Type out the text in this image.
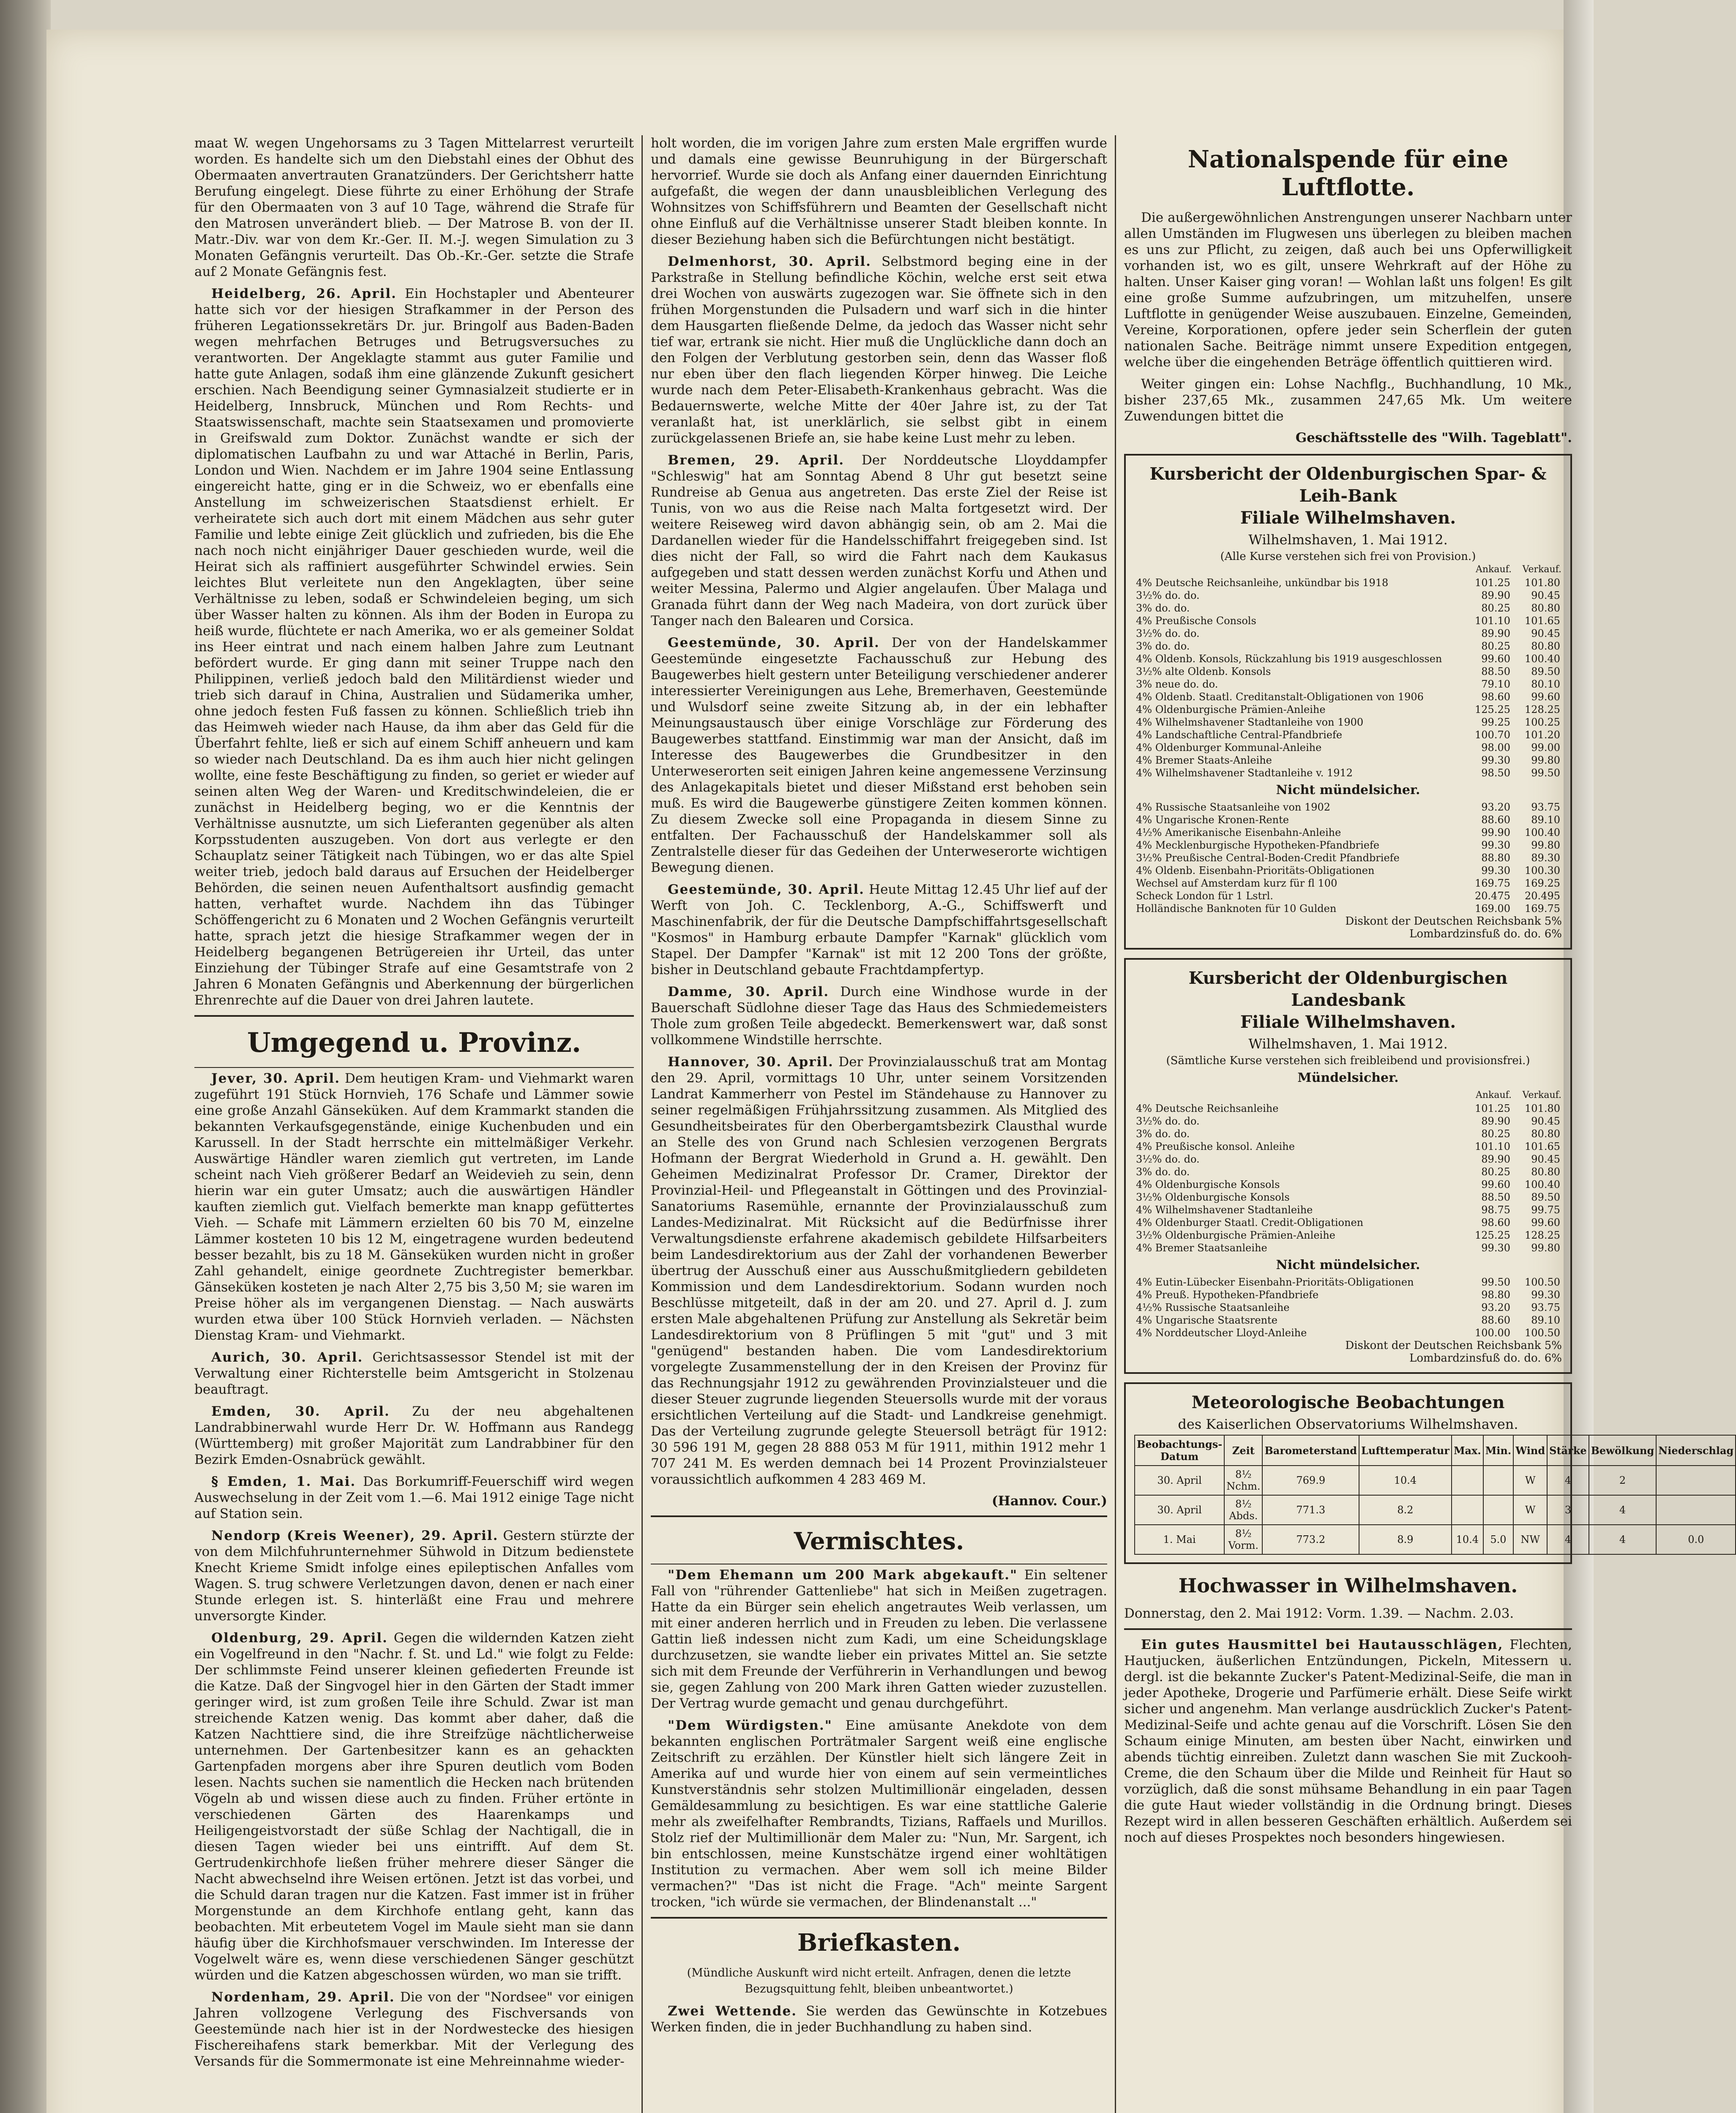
maat W. wegen Ungehorsams zu 3 Tagen Mittelarrest verurteilt worden. Es handelte sich um den Diebstahl eines der Obhut des Obermaaten anvertrauten Granatzünders. Der Gerichtsherr hatte Berufung eingelegt. Diese führte zu einer Erhöhung der Strafe für den Obermaaten von 3 auf 10 Tage, während die Strafe für den Matrosen unverändert blieb. — Der Matrose B. von der II. Matr.-Div. war von dem Kr.-Ger. II. M.-J. wegen Simulation zu 3 Monaten Gefängnis verurteilt. Das Ob.-Kr.-Ger. setzte die Strafe auf 2 Monate Gefängnis fest.

Heidelberg, 26. April. Ein Hochstapler und Abenteurer hatte sich vor der hiesigen Strafkammer in der Person des früheren Legationssekretärs Dr. jur. Bringolf aus Baden-Baden wegen mehrfachen Betruges und Betrugsversuches zu verantworten. Der Angeklagte stammt aus guter Familie und hatte gute Anlagen, sodaß ihm eine glänzende Zukunft gesichert erschien. Nach Beendigung seiner Gymnasialzeit studierte er in Heidelberg, Innsbruck, München und Rom Rechts- und Staatswissenschaft, machte sein Staatsexamen und promovierte in Greifswald zum Doktor. Zunächst wandte er sich der diplomatischen Laufbahn zu und war Attaché in Berlin, Paris, London und Wien. Nachdem er im Jahre 1904 seine Entlassung eingereicht hatte, ging er in die Schweiz, wo er ebenfalls eine Anstellung im schweizerischen Staatsdienst erhielt. Er verheiratete sich auch dort mit einem Mädchen aus sehr guter Familie und lebte einige Zeit glücklich und zufrieden, bis die Ehe nach noch nicht einjähriger Dauer geschieden wurde, weil die Heirat sich als raffiniert ausgeführter Schwindel erwies. Sein leichtes Blut verleitete nun den Angeklagten, über seine Verhältnisse zu leben, sodaß er Schwindeleien beging, um sich über Wasser halten zu können. Als ihm der Boden in Europa zu heiß wurde, flüchtete er nach Amerika, wo er als gemeiner Soldat ins Heer eintrat und nach einem halben Jahre zum Leutnant befördert wurde. Er ging dann mit seiner Truppe nach den Philippinen, verließ jedoch bald den Militärdienst wieder und trieb sich darauf in China, Australien und Südamerika umher, ohne jedoch festen Fuß fassen zu können. Schließlich trieb ihn das Heimweh wieder nach Hause, da ihm aber das Geld für die Überfahrt fehlte, ließ er sich auf einem Schiff anheuern und kam so wieder nach Deutschland. Da es ihm auch hier nicht gelingen wollte, eine feste Beschäftigung zu finden, so geriet er wieder auf seinen alten Weg der Waren- und Kreditschwindeleien, die er zunächst in Heidelberg beging, wo er die Kenntnis der Verhältnisse ausnutzte, um sich Lieferanten gegenüber als alten Korpsstudenten auszugeben. Von dort aus verlegte er den Schauplatz seiner Tätigkeit nach Tübingen, wo er das alte Spiel weiter trieb, jedoch bald daraus auf Ersuchen der Heidelberger Behörden, die seinen neuen Aufenthaltsort ausfindig gemacht hatten, verhaftet wurde. Nachdem ihn das Tübinger Schöffengericht zu 6 Monaten und 2 Wochen Gefängnis verurteilt hatte, sprach jetzt die hiesige Strafkammer wegen der in Heidelberg begangenen Betrügereien ihr Urteil, das unter Einziehung der Tübinger Strafe auf eine Gesamtstrafe von 2 Jahren 6 Monaten Gefängnis und Aberkennung der bürgerlichen Ehrenrechte auf die Dauer von drei Jahren lautete.

Umgegend u. Provinz.

Jever, 30. April. Dem heutigen Kram- und Viehmarkt waren zugeführt 191 Stück Hornvieh, 176 Schafe und Lämmer sowie eine große Anzahl Gänseküken. Auf dem Krammarkt standen die bekannten Verkaufsgegenstände, einige Kuchenbuden und ein Karussell. In der Stadt herrschte ein mittelmäßiger Verkehr. Auswärtige Händler waren ziemlich gut vertreten, im Lande scheint nach Vieh größerer Bedarf an Weidevieh zu sein, denn hierin war ein guter Umsatz; auch die auswärtigen Händler kauften ziemlich gut. Vielfach bemerkte man knapp gefüttertes Vieh. — Schafe mit Lämmern erzielten 60 bis 70 M, einzelne Lämmer kosteten 10 bis 12 M, eingetragene wurden bedeutend besser bezahlt, bis zu 18 M. Gänseküken wurden nicht in großer Zahl gehandelt, einige geordnete Zuchtregister bemerkbar. Gänseküken kosteten je nach Alter 2,75 bis 3,50 M; sie waren im Preise höher als im vergangenen Dienstag. — Nach auswärts wurden etwa über 100 Stück Hornvieh verladen. — Nächsten Dienstag Kram- und Viehmarkt.

Aurich, 30. April. Gerichtsassessor Stendel ist mit der Verwaltung einer Richterstelle beim Amtsgericht in Stolzenau beauftragt.

Emden, 30. April. Zu der neu abgehaltenen Landrabbinerwahl wurde Herr Dr. W. Hoffmann aus Randegg (Württemberg) mit großer Majorität zum Landrabbiner für den Bezirk Emden-Osnabrück gewählt.

§ Emden, 1. Mai. Das Borkumriff-Feuerschiff wird wegen Auswechselung in der Zeit vom 1.—6. Mai 1912 einige Tage nicht auf Station sein.

Nendorp (Kreis Weener), 29. April. Gestern stürzte der von dem Milchfuhrunternehmer Sühwold in Ditzum bedienstete Knecht Krieme Smidt infolge eines epileptischen Anfalles vom Wagen. S. trug schwere Verletzungen davon, denen er nach einer Stunde erlegen ist. S. hinterläßt eine Frau und mehrere unversorgte Kinder.

Oldenburg, 29. April. Gegen die wildernden Katzen zieht ein Vogelfreund in den "Nachr. f. St. und Ld." wie folgt zu Felde: Der schlimmste Feind unserer kleinen gefiederten Freunde ist die Katze. Daß der Singvogel hier in den Gärten der Stadt immer geringer wird, ist zum großen Teile ihre Schuld. Zwar ist man streichende Katzen wenig. Das kommt aber daher, daß die Katzen Nachttiere sind, die ihre Streifzüge nächtlicherweise unternehmen. Der Gartenbesitzer kann es an gehackten Gartenpfaden morgens aber ihre Spuren deutlich vom Boden lesen. Nachts suchen sie namentlich die Hecken nach brütenden Vögeln ab und wissen diese auch zu finden. Früher ertönte in verschiedenen Gärten des Haarenkamps und Heiligengeistvorstadt der süße Schlag der Nachtigall, die in diesen Tagen wieder bei uns eintrifft. Auf dem St. Gertrudenkirchhofe ließen früher mehrere dieser Sänger die Nacht abwechselnd ihre Weisen ertönen. Jetzt ist das vorbei, und die Schuld daran tragen nur die Katzen. Fast immer ist in früher Morgenstunde an dem Kirchhofe entlang geht, kann das beobachten. Mit erbeutetem Vogel im Maule sieht man sie dann häufig über die Kirchhofsmauer verschwinden. Im Interesse der Vogelwelt wäre es, wenn diese verschiedenen Sänger geschützt würden und die Katzen abgeschossen würden, wo man sie trifft.

Nordenham, 29. April. Die von der "Nordsee" vor einigen Jahren vollzogene Verlegung des Fischversands von Geestemünde nach hier ist in der Nordwestecke des hiesigen Fischereihafens stark bemerkbar. Mit der Verlegung des Versands für die Sommermonate ist eine Mehreinnahme wieder-

holt worden, die im vorigen Jahre zum ersten Male ergriffen wurde und damals eine gewisse Beunruhigung in der Bürgerschaft hervorrief. Wurde sie doch als Anfang einer dauernden Einrichtung aufgefaßt, die wegen der dann unausbleiblichen Verlegung des Wohnsitzes von Schiffsführern und Beamten der Gesellschaft nicht ohne Einfluß auf die Verhältnisse unserer Stadt bleiben konnte. In dieser Beziehung haben sich die Befürchtungen nicht bestätigt.

Delmenhorst, 30. April. Selbstmord beging eine in der Parkstraße in Stellung befindliche Köchin, welche erst seit etwa drei Wochen von auswärts zugezogen war. Sie öffnete sich in den frühen Morgenstunden die Pulsadern und warf sich in die hinter dem Hausgarten fließende Delme, da jedoch das Wasser nicht sehr tief war, ertrank sie nicht. Hier muß die Unglückliche dann doch an den Folgen der Verblutung gestorben sein, denn das Wasser floß nur eben über den flach liegenden Körper hinweg. Die Leiche wurde nach dem Peter-Elisabeth-Krankenhaus gebracht. Was die Bedauernswerte, welche Mitte der 40er Jahre ist, zu der Tat veranlaßt hat, ist unerklärlich, sie selbst gibt in einem zurückgelassenen Briefe an, sie habe keine Lust mehr zu leben.

Bremen, 29. April. Der Norddeutsche Lloyddampfer "Schleswig" hat am Sonntag Abend 8 Uhr gut besetzt seine Rundreise ab Genua aus angetreten. Das erste Ziel der Reise ist Tunis, von wo aus die Reise nach Malta fortgesetzt wird. Der weitere Reiseweg wird davon abhängig sein, ob am 2. Mai die Dardanellen wieder für die Handelsschiffahrt freigegeben sind. Ist dies nicht der Fall, so wird die Fahrt nach dem Kaukasus aufgegeben und statt dessen werden zunächst Korfu und Athen und weiter Messina, Palermo und Algier angelaufen. Über Malaga und Granada führt dann der Weg nach Madeira, von dort zurück über Tanger nach den Balearen und Corsica.

Geestemünde, 30. April. Der von der Handelskammer Geestemünde eingesetzte Fachausschuß zur Hebung des Baugewerbes hielt gestern unter Beteiligung verschiedener anderer interessierter Vereinigungen aus Lehe, Bremerhaven, Geestemünde und Wulsdorf seine zweite Sitzung ab, in der ein lebhafter Meinungsaustausch über einige Vorschläge zur Förderung des Baugewerbes stattfand. Einstimmig war man der Ansicht, daß im Interesse des Baugewerbes die Grundbesitzer in den Unterweserorten seit einigen Jahren keine angemessene Verzinsung des Anlagekapitals bietet und dieser Mißstand erst behoben sein muß. Es wird die Baugewerbe günstigere Zeiten kommen können. Zu diesem Zwecke soll eine Propaganda in diesem Sinne zu entfalten. Der Fachausschuß der Handelskammer soll als Zentralstelle dieser für das Gedeihen der Unterweserorte wichtigen Bewegung dienen.

Geestemünde, 30. April. Heute Mittag 12.45 Uhr lief auf der Werft von Joh. C. Tecklenborg, A.-G., Schiffswerft und Maschinenfabrik, der für die Deutsche Dampfschiffahrtsgesellschaft "Kosmos" in Hamburg erbaute Dampfer "Karnak" glücklich vom Stapel. Der Dampfer "Karnak" ist mit 12 200 Tons der größte, bisher in Deutschland gebaute Frachtdampfertyp.

Damme, 30. April. Durch eine Windhose wurde in der Bauerschaft Südlohne dieser Tage das Haus des Schmiedemeisters Thole zum großen Teile abgedeckt. Bemerkenswert war, daß sonst vollkommene Windstille herrschte.

Hannover, 30. April. Der Provinzialausschuß trat am Montag den 29. April, vormittags 10 Uhr, unter seinem Vorsitzenden Landrat Kammerherr von Pestel im Ständehause zu Hannover zu seiner regelmäßigen Frühjahrssitzung zusammen. Als Mitglied des Gesundheitsbeirates für den Oberbergamtsbezirk Clausthal wurde an Stelle des von Grund nach Schlesien verzogenen Bergrats Hofmann der Bergrat Wiederhold in Grund a. H. gewählt. Den Geheimen Medizinalrat Professor Dr. Cramer, Direktor der Provinzial-Heil- und Pflegeanstalt in Göttingen und des Provinzial-Sanatoriums Rasemühle, ernannte der Provinzialausschuß zum Landes-Medizinalrat. Mit Rücksicht auf die Bedürfnisse ihrer Verwaltungsdienste erfahrene akademisch gebildete Hilfsarbeiters beim Landesdirektorium aus der Zahl der vorhandenen Bewerber übertrug der Ausschuß einer aus Ausschußmitgliedern gebildeten Kommission und dem Landesdirektorium. Sodann wurden noch Beschlüsse mitgeteilt, daß in der am 20. und 27. April d. J. zum ersten Male abgehaltenen Prüfung zur Anstellung als Sekretär beim Landesdirektorium von 8 Prüflingen 5 mit "gut" und 3 mit "genügend" bestanden haben. Die vom Landesdirektorium vorgelegte Zusammenstellung der in den Kreisen der Provinz für das Rechnungsjahr 1912 zu gewährenden Provinzialsteuer und die dieser Steuer zugrunde liegenden Steuersolls wurde mit der voraus ersichtlichen Verteilung auf die Stadt- und Landkreise genehmigt. Das der Verteilung zugrunde gelegte Steuersoll beträgt für 1912: 30 596 191 M, gegen 28 888 053 M für 1911, mithin 1912 mehr 1 707 241 M. Es werden demnach bei 14 Prozent Provinzialsteuer voraussichtlich aufkommen 4 283 469 M.

(Hannov. Cour.)
Vermischtes.

"Dem Ehemann um 200 Mark abgekauft." Ein seltener Fall von "rührender Gattenliebe" hat sich in Meißen zugetragen. Hatte da ein Bürger sein ehelich angetrautes Weib verlassen, um mit einer anderen herrlich und in Freuden zu leben. Die verlassene Gattin ließ indessen nicht zum Kadi, um eine Scheidungsklage durchzusetzen, sie wandte lieber ein privates Mittel an. Sie setzte sich mit dem Freunde der Verführerin in Verhandlungen und bewog sie, gegen Zahlung von 200 Mark ihren Gatten wieder zuzustellen. Der Vertrag wurde gemacht und genau durchgeführt.

"Dem Würdigsten." Eine amüsante Anekdote von dem bekannten englischen Porträtmaler Sargent weiß eine englische Zeitschrift zu erzählen. Der Künstler hielt sich längere Zeit in Amerika auf und wurde hier von einem auf sein vermeintliches Kunstverständnis sehr stolzen Multimillionär eingeladen, dessen Gemäldesammlung zu besichtigen. Es war eine stattliche Galerie mehr als zweifelhafter Rembrandts, Tizians, Raffaels und Murillos. Stolz rief der Multimillionär dem Maler zu: "Nun, Mr. Sargent, ich bin entschlossen, meine Kunstschätze irgend einer wohltätigen Institution zu vermachen. Aber wem soll ich meine Bilder vermachen?" "Das ist nicht die Frage. "Ach" meinte Sargent trocken, "ich würde sie vermachen, der Blindenanstalt ..."

Briefkasten.

(Mündliche Auskunft wird nicht erteilt. Anfragen, denen die letzte Bezugsquittung fehlt, bleiben unbeantwortet.)

Zwei Wettende. Sie werden das Gewünschte in Kotzebues Werken finden, die in jeder Buchhandlung zu haben sind.

Nationalspende für eine Luftflotte.

Die außergewöhnlichen Anstrengungen unserer Nachbarn unter allen Umständen im Flugwesen uns überlegen zu bleiben machen es uns zur Pflicht, zu zeigen, daß auch bei uns Opferwilligkeit vorhanden ist, wo es gilt, unsere Wehrkraft auf der Höhe zu halten. Unser Kaiser ging voran! — Wohlan laßt uns folgen! Es gilt eine große Summe aufzubringen, um mitzuhelfen, unsere Luftflotte in genügender Weise auszubauen. Einzelne, Gemeinden, Vereine, Korporationen, opfere jeder sein Scherflein der guten nationalen Sache. Beiträge nimmt unsere Expedition entgegen, welche über die eingehenden Beträge öffentlich quittieren wird.

Weiter gingen ein: Lohse Nachflg., Buchhandlung, 10 Mk., bisher 237,65 Mk., zusammen 247,65 Mk. Um weitere Zuwendungen bittet die

Geschäftsstelle des "Wilh. Tageblatt".
Kursbericht der Oldenburgischen Spar- & Leih-Bank
Filiale Wilhelmshaven.
Wilhelmshaven, 1. Mai 1912.
(Alle Kurse verstehen sich frei von Provision.)
	Ankauf.	Verkauf.
4% Deutsche Reichsanleihe, unkündbar bis 1918	101.25	101.80
3½% do. do.	89.90	90.45
3% do. do.	80.25	80.80
4% Preußische Consols	101.10	101.65
3½% do. do.	89.90	90.45
3% do. do.	80.25	80.80
4% Oldenb. Konsols, Rückzahlung bis 1919 ausgeschlossen	99.60	100.40
3½% alte Oldenb. Konsols	88.50	89.50
3% neue do. do.	79.10	80.10
4% Oldenb. Staatl. Creditanstalt-Obligationen von 1906	98.60	99.60
4% Oldenburgische Prämien-Anleihe	125.25	128.25
4% Wilhelmshavener Stadtanleihe von 1900	99.25	100.25
4% Landschaftliche Central-Pfandbriefe	100.70	101.20
4% Oldenburger Kommunal-Anleihe	98.00	99.00
4% Bremer Staats-Anleihe	99.30	99.80
4% Wilhelmshavener Stadtanleihe v. 1912	98.50	99.50
Nicht mündelsicher.
4% Russische Staatsanleihe von 1902	93.20	93.75
4% Ungarische Kronen-Rente	88.60	89.10
4½% Amerikanische Eisenbahn-Anleihe	99.90	100.40
4% Mecklenburgische Hypotheken-Pfandbriefe	99.30	99.80
3½% Preußische Central-Boden-Credit Pfandbriefe	88.80	89.30
4% Oldenb. Eisenbahn-Prioritäts-Obligationen	99.30	100.30
Wechsel auf Amsterdam kurz für fl 100	169.75	169.25
Scheck London für 1 Lstrl.	20.475	20.495
Holländische Banknoten für 10 Gulden	169.00	169.75
Diskont der Deutschen Reichsbank 5%
Lombardzinsfuß do. do. 6%
Kursbericht der Oldenburgischen Landesbank
Filiale Wilhelmshaven.
Wilhelmshaven, 1. Mai 1912.
(Sämtliche Kurse verstehen sich freibleibend und provisionsfrei.)
Mündelsicher.
	Ankauf.	Verkauf.
4% Deutsche Reichsanleihe	101.25	101.80
3½% do. do.	89.90	90.45
3% do. do.	80.25	80.80
4% Preußische konsol. Anleihe	101.10	101.65
3½% do. do.	89.90	90.45
3% do. do.	80.25	80.80
4% Oldenburgische Konsols	99.60	100.40
3½% Oldenburgische Konsols	88.50	89.50
4% Wilhelmshavener Stadtanleihe	98.75	99.75
4% Oldenburger Staatl. Credit-Obligationen	98.60	99.60
3½% Oldenburgische Prämien-Anleihe	125.25	128.25
4% Bremer Staatsanleihe	99.30	99.80
Nicht mündelsicher.
4% Eutin-Lübecker Eisenbahn-Prioritäts-Obligationen	99.50	100.50
4% Preuß. Hypotheken-Pfandbriefe	98.80	99.30
4½% Russische Staatsanleihe	93.20	93.75
4% Ungarische Staatsrente	88.60	89.10
4% Norddeutscher Lloyd-Anleihe	100.00	100.50
Diskont der Deutschen Reichsbank 5%
Lombardzinsfuß do. do. 6%
Meteorologische Beobachtungen
des Kaiserlichen Observatoriums Wilhelmshaven.
Beobachtungs-Datum	Zeit	Barometerstand	Lufttemperatur	Max.	Min.	Wind	Stärke	Bewölkung	Niederschlag
30. April	8½ Nchm.	769.9	10.4			W	4	2	
30. April	8½ Abds.	771.3	8.2			W	3	4	
1. Mai	8½ Vorm.	773.2	8.9	10.4	5.0	NW	4	4	0.0
Hochwasser in Wilhelmshaven.

Donnerstag, den 2. Mai 1912: Vorm. 1.39. — Nachm. 2.03.

Ein gutes Hausmittel bei Hautausschlägen, Flechten, Hautjucken, äußerlichen Entzündungen, Pickeln, Mitessern u. dergl. ist die bekannte Zucker's Patent-Medizinal-Seife, die man in jeder Apotheke, Drogerie und Parfümerie erhält. Diese Seife wirkt sicher und angenehm. Man verlange ausdrücklich Zucker's Patent-Medizinal-Seife und achte genau auf die Vorschrift. Lösen Sie den Schaum einige Minuten, am besten über Nacht, einwirken und abends tüchtig einreiben. Zuletzt dann waschen Sie mit Zuckooh-Creme, die den Schaum über die Milde und Reinheit für Haut so vorzüglich, daß die sonst mühsame Behandlung in ein paar Tagen die gute Haut wieder vollständig in die Ordnung bringt. Dieses Rezept wird in allen besseren Geschäften erhältlich. Außerdem sei noch auf dieses Prospektes noch besonders hingewiesen.
